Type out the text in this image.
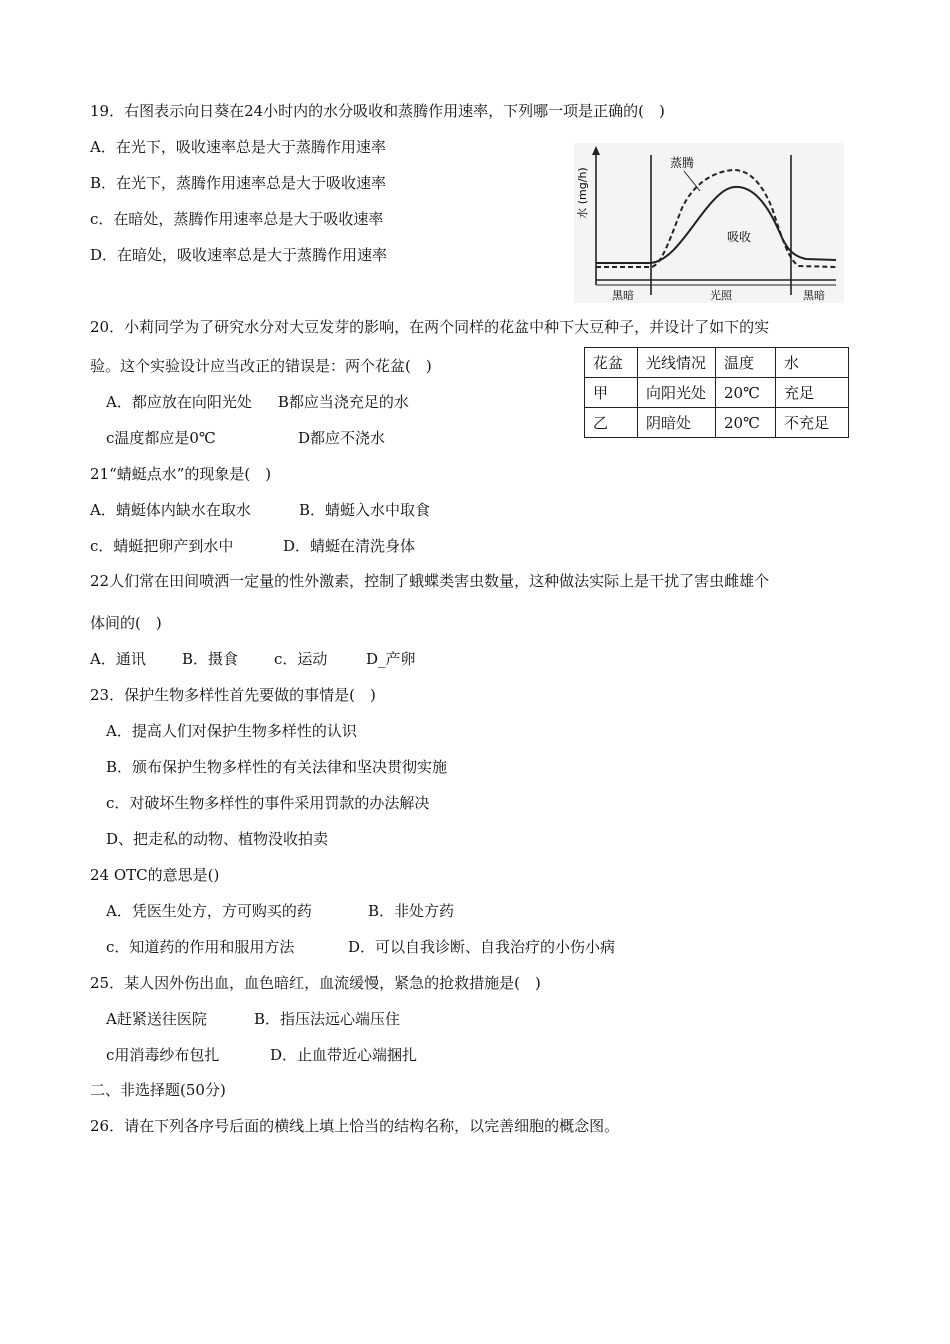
19．右图表示向日葵在24小时内的水分吸收和蒸腾作用速率，下列哪一项是正确的(　)
A．在光下，吸收速率总是大于蒸腾作用速率
B．在光下，蒸腾作用速率总是大于吸收速率
c．在暗处，蒸腾作用速率总是大于吸收速率
D．在暗处，吸收速率总是大于蒸腾作用速率
水 (mg/h)
蒸腾
吸收
黑暗	光照	黑暗
20．小莉同学为了研究水分对大豆发芽的影响，在两个同样的花盆中种下大豆种子，并设计了如下的实
验。这个实验设计应当改正的错误是：两个花盆(　)
A．都应放在向阳光处 B都应当浇充足的水
c温度都应是0℃	D都应不浇水
花盆	光线情况	温度	水
甲	向阳光处	20℃	充足
乙	阴暗处	20℃	不充足
21“蜻蜓点水”的现象是(　)
A．蜻蜓体内缺水在取水	B．蜻蜓入水中取食
c．蜻蜓把卵产到水中	D．蜻蜓在清洗身体
22人们常在田间喷洒一定量的性外激素，控制了蛾蝶类害虫数量，这种做法实际上是干扰了害虫雌雄个
体间的(　)
A．通讯 B．摄食 c．运动	D_产卵
23．保护生物多样性首先要做的事情是(　)
A．提高人们对保护生物多样性的认识
B．颁布保护生物多样性的有关法律和坚决贯彻实施
c．对破坏生物多样性的事件采用罚款的办法解决
D、把走私的动物、植物没收拍卖
24 OTC的意思是()
A．凭医生处方，方可购买的药	B．非处方药
c．知道药的作用和服用方法	D．可以自我诊断、自我治疗的小伤小病
25．某人因外伤出血，血色暗红，血流缓慢，紧急的抢救措施是(　)
A赶紧送往医院	B．指压法远心端压住
c用消毒纱布包扎	D．止血带近心端捆扎
二、非选择题(50分)
26．请在下列各序号后面的横线上填上恰当的结构名称，以完善细胞的概念图。
